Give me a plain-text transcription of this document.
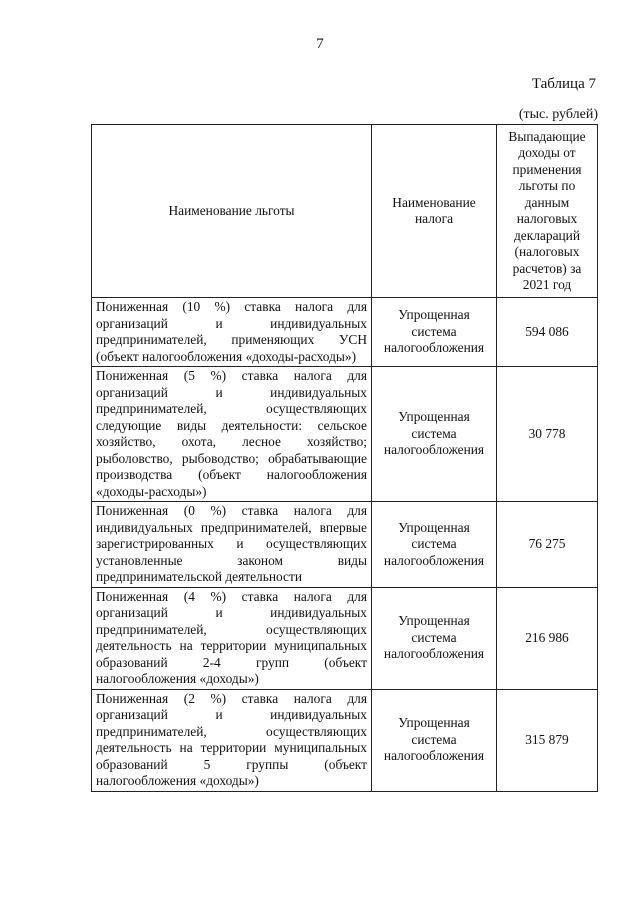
7
Таблица 7
(тыс. рублей)
Наименование льготы	Наименование налога	Выпадающие доходы от применения льготы по данным налоговых деклараций (налоговых расчетов) за 2021 год
Пониженная (10 %) ставка налога для организаций и индивидуальных предпринимателей, применяющих УСН (объект налогообложения «доходы-расходы»)	Упрощенная система налогообложения	594 086
Пониженная (5 %) ставка налога для организаций и индивидуальных предпринимателей, осуществляющих следующие виды деятельности: сельское хозяйство, охота, лесное хозяйство; рыболовство, рыбоводство; обрабатывающие производства (объект налогообложения «доходы-расходы»)	Упрощенная система налогообложения	30 778
Пониженная (0 %) ставка налога для индивидуальных предпринимателей, впервые зарегистрированных и осуществляющих установленные законом виды предпринимательской деятельности	Упрощенная система налогообложения	76 275
Пониженная (4 %) ставка налога для организаций и индивидуальных предпринимателей, осуществляющих деятельность на территории муниципальных образований 2-4 групп (объект налогообложения «доходы»)	Упрощенная система налогообложения	216 986
Пониженная (2 %) ставка налога для организаций и индивидуальных предпринимателей, осуществляющих деятельность на территории муниципальных образований 5 группы (объект налогообложения «доходы»)	Упрощенная система налогообложения	315 879
